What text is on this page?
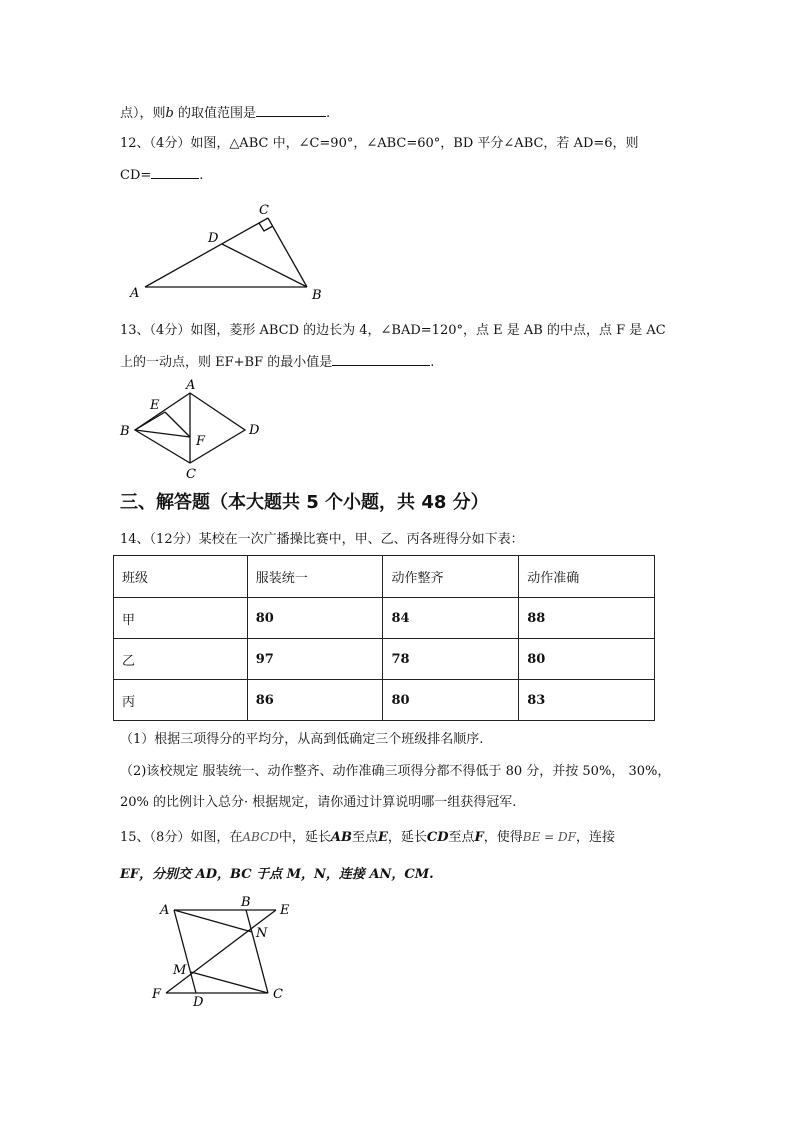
点），则b 的取值范围是	.
12、（4分）如图，△ABC 中，∠C=90°，∠ABC=60°，BD 平分∠ABC，若 AD=6，则
CD=	.
A	B
C
D
13、（4分）如图，菱形 ABCD 的边长为 4，∠BAD=120°，点 E 是 AB 的中点，点 F 是 AC
上的一动点，则 EF+BF 的最小值是	.
A
B
C
D
E
F
三、解答题（本大题共 5 个小题，共 48 分）
14、（12分）某校在一次广播操比赛中，甲、乙、丙各班得分如下表：
班级	服装统一	动作整齐	动作准确
甲	80	84	88
乙	97	78	80
丙	86	80	83
（1）根据三项得分的平均分，从高到低确定三个班级排名顺序.
（2)该校规定 服装统一、动作整齐、动作准确三项得分都不得低于 80 分，并按 50%， 30%，
20% 的比例计入总分· 根据规定，请你通过计算说明哪一组获得冠军.
15、（8分）如图，在ABCD中，延长AB至点E，延长CD至点F，使得BE = DF，连接
EF，分别交 AD，BC 于点 M，N，连接 AN，CM.
A
B
E
N
M
F
D
C
